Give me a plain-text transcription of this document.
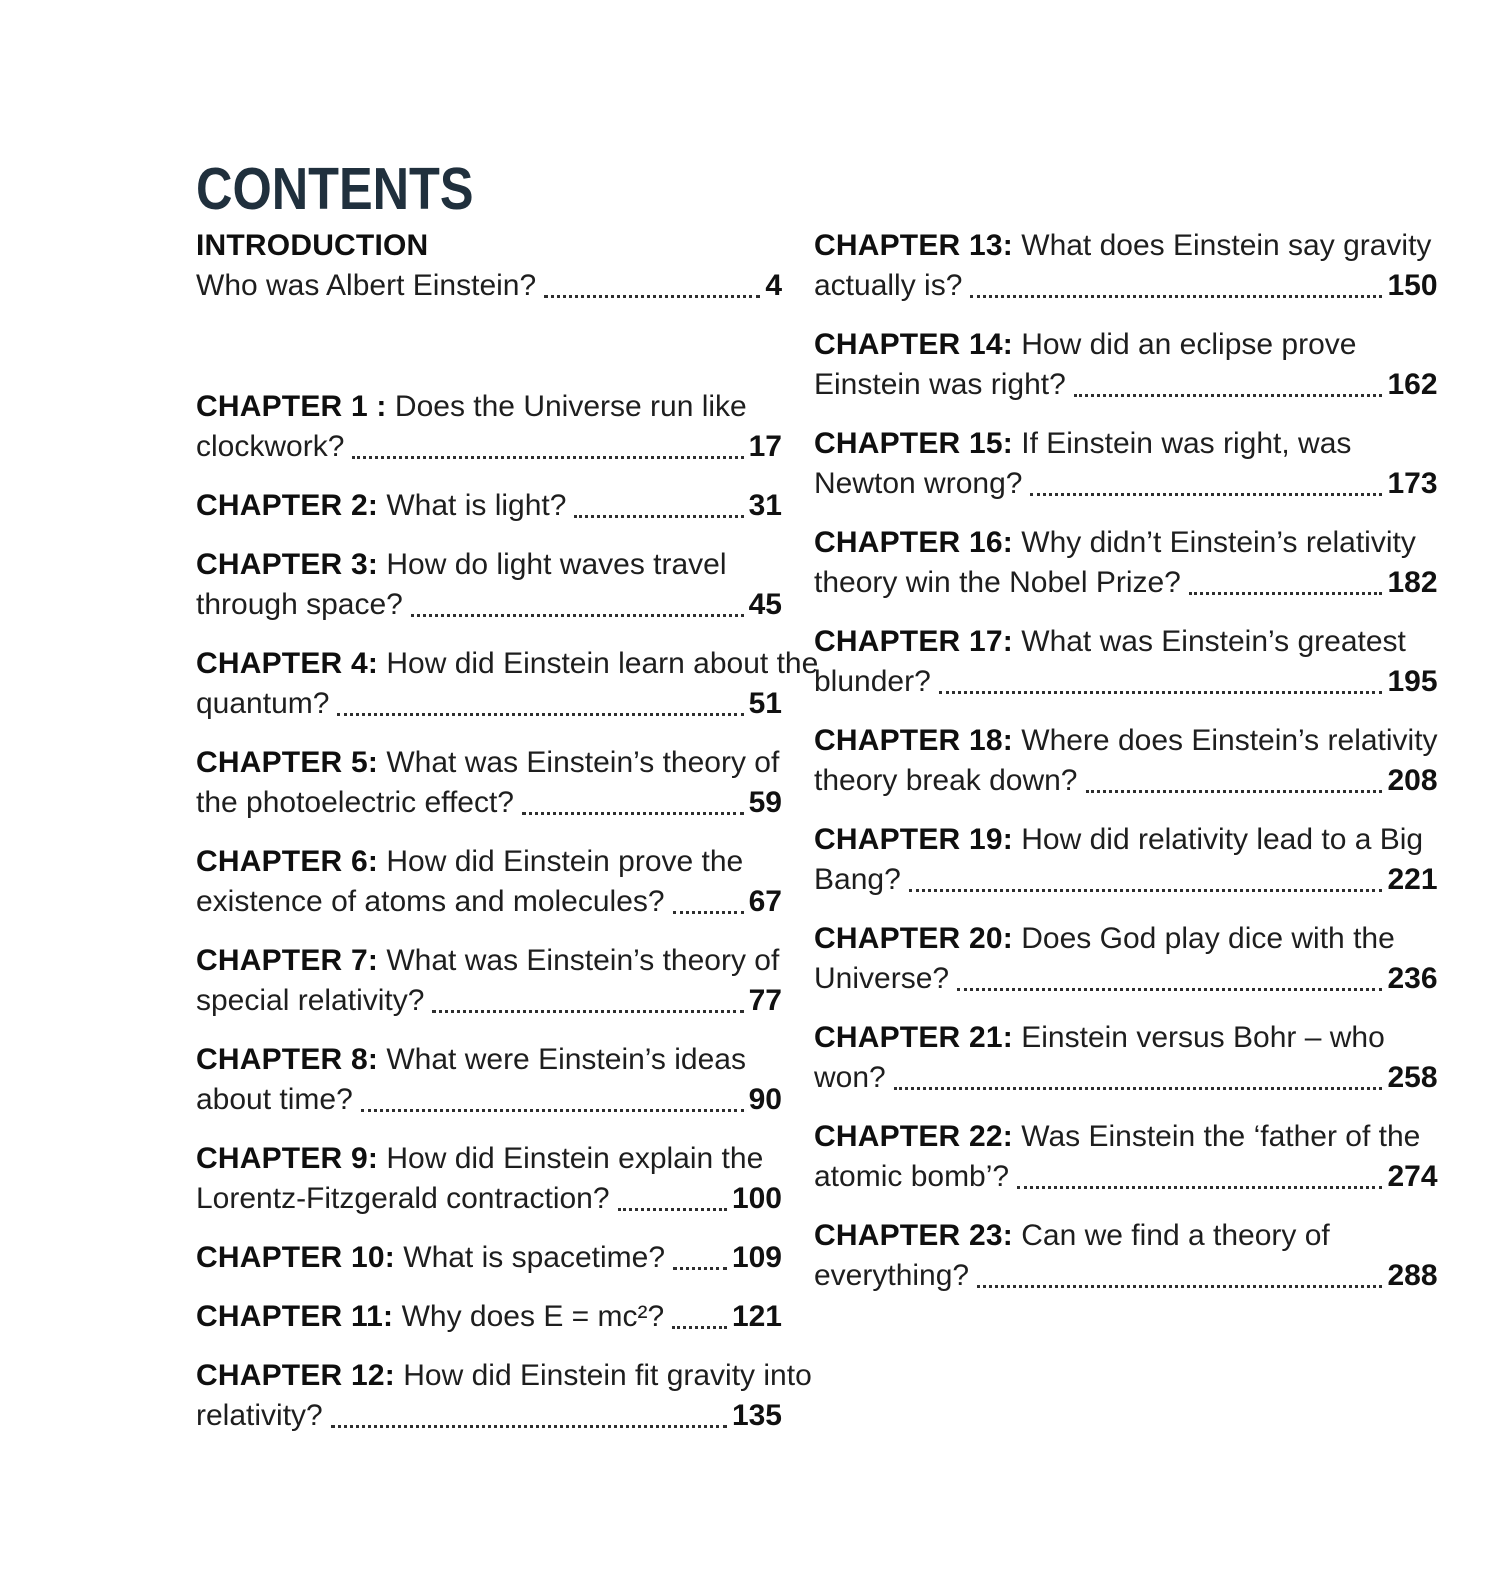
CONTENTS
INTRODUCTION
Who was Albert Einstein?	4
CHAPTER 1 : Does the Universe run like
clockwork?	17
CHAPTER 2: What is light?	31
CHAPTER 3: How do light waves travel
through space?	45
CHAPTER 4: How did Einstein learn about the
quantum?	51
CHAPTER 5: What was Einstein’s theory of
the photoelectric effect?	59
CHAPTER 6: How did Einstein prove the
existence of atoms and molecules?	67
CHAPTER 7: What was Einstein’s theory of
special relativity?	77
CHAPTER 8: What were Einstein’s ideas
about time?	90
CHAPTER 9: How did Einstein explain the
Lorentz-Fitzgerald contraction?	100
CHAPTER 10: What is spacetime? 109
CHAPTER 11: Why does E = mc²? 121
CHAPTER 12: How did Einstein fit gravity into
relativity?	135
CHAPTER 13: What does Einstein say gravity
actually is?	150
CHAPTER 14: How did an eclipse prove
Einstein was right?	162
CHAPTER 15: If Einstein was right, was
Newton wrong?	173
CHAPTER 16: Why didn’t Einstein’s relativity
theory win the Nobel Prize?	182
CHAPTER 17: What was Einstein’s greatest
blunder?	195
CHAPTER 18: Where does Einstein’s relativity
theory break down?	208
CHAPTER 19: How did relativity lead to a Big
Bang?	221
CHAPTER 20: Does God play dice with the
Universe?	236
CHAPTER 21: Einstein versus Bohr – who
won?	258
CHAPTER 22: Was Einstein the ‘father of the
atomic bomb’?	274
CHAPTER 23: Can we find a theory of
everything?	288
